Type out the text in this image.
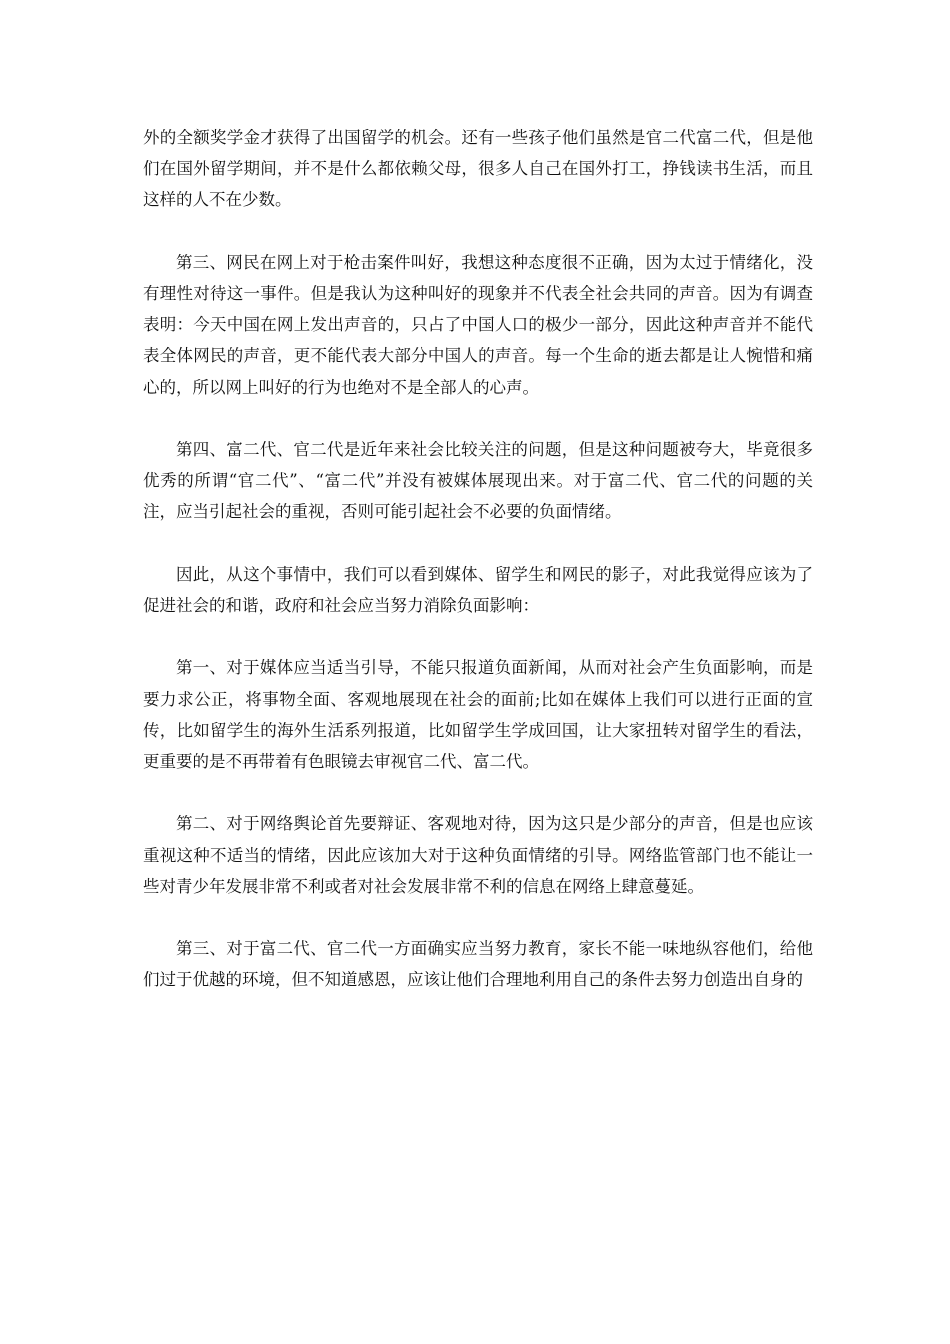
外的全额奖学金才获得了出国留学的机会。还有一些孩子他们虽然是官二代富二代，但是他们在国外留学期间，并不是什么都依赖父母，很多人自己在国外打工，挣钱读书生活，而且这样的人不在少数。

第三、网民在网上对于枪击案件叫好，我想这种态度很不正确，因为太过于情绪化，没有理性对待这一事件。但是我认为这种叫好的现象并不代表全社会共同的声音。因为有调查表明：今天中国在网上发出声音的，只占了中国人口的极少一部分，因此这种声音并不能代表全体网民的声音，更不能代表大部分中国人的声音。每一个生命的逝去都是让人惋惜和痛心的，所以网上叫好的行为也绝对不是全部人的心声。

第四、富二代、官二代是近年来社会比较关注的问题，但是这种问题被夸大，毕竟很多优秀的所谓“官二代”、“富二代”并没有被媒体展现出来。对于富二代、官二代的问题的关注，应当引起社会的重视，否则可能引起社会不必要的负面情绪。

因此，从这个事情中，我们可以看到媒体、留学生和网民的影子，对此我觉得应该为了促进社会的和谐，政府和社会应当努力消除负面影响：

第一、对于媒体应当适当引导，不能只报道负面新闻，从而对社会产生负面影响，而是要力求公正，将事物全面、客观地展现在社会的面前;比如在媒体上我们可以进行正面的宣传，比如留学生的海外生活系列报道，比如留学生学成回国，让大家扭转对留学生的看法，更重要的是不再带着有色眼镜去审视官二代、富二代。

第二、对于网络舆论首先要辩证、客观地对待，因为这只是少部分的声音，但是也应该重视这种不适当的情绪，因此应该加大对于这种负面情绪的引导。网络监管部门也不能让一些对青少年发展非常不利或者对社会发展非常不利的信息在网络上肆意蔓延。

第三、对于富二代、官二代一方面确实应当努力教育，家长不能一味地纵容他们，给他们过于优越的环境，但不知道感恩，应该让他们合理地利用自己的条件去努力创造出自身的
